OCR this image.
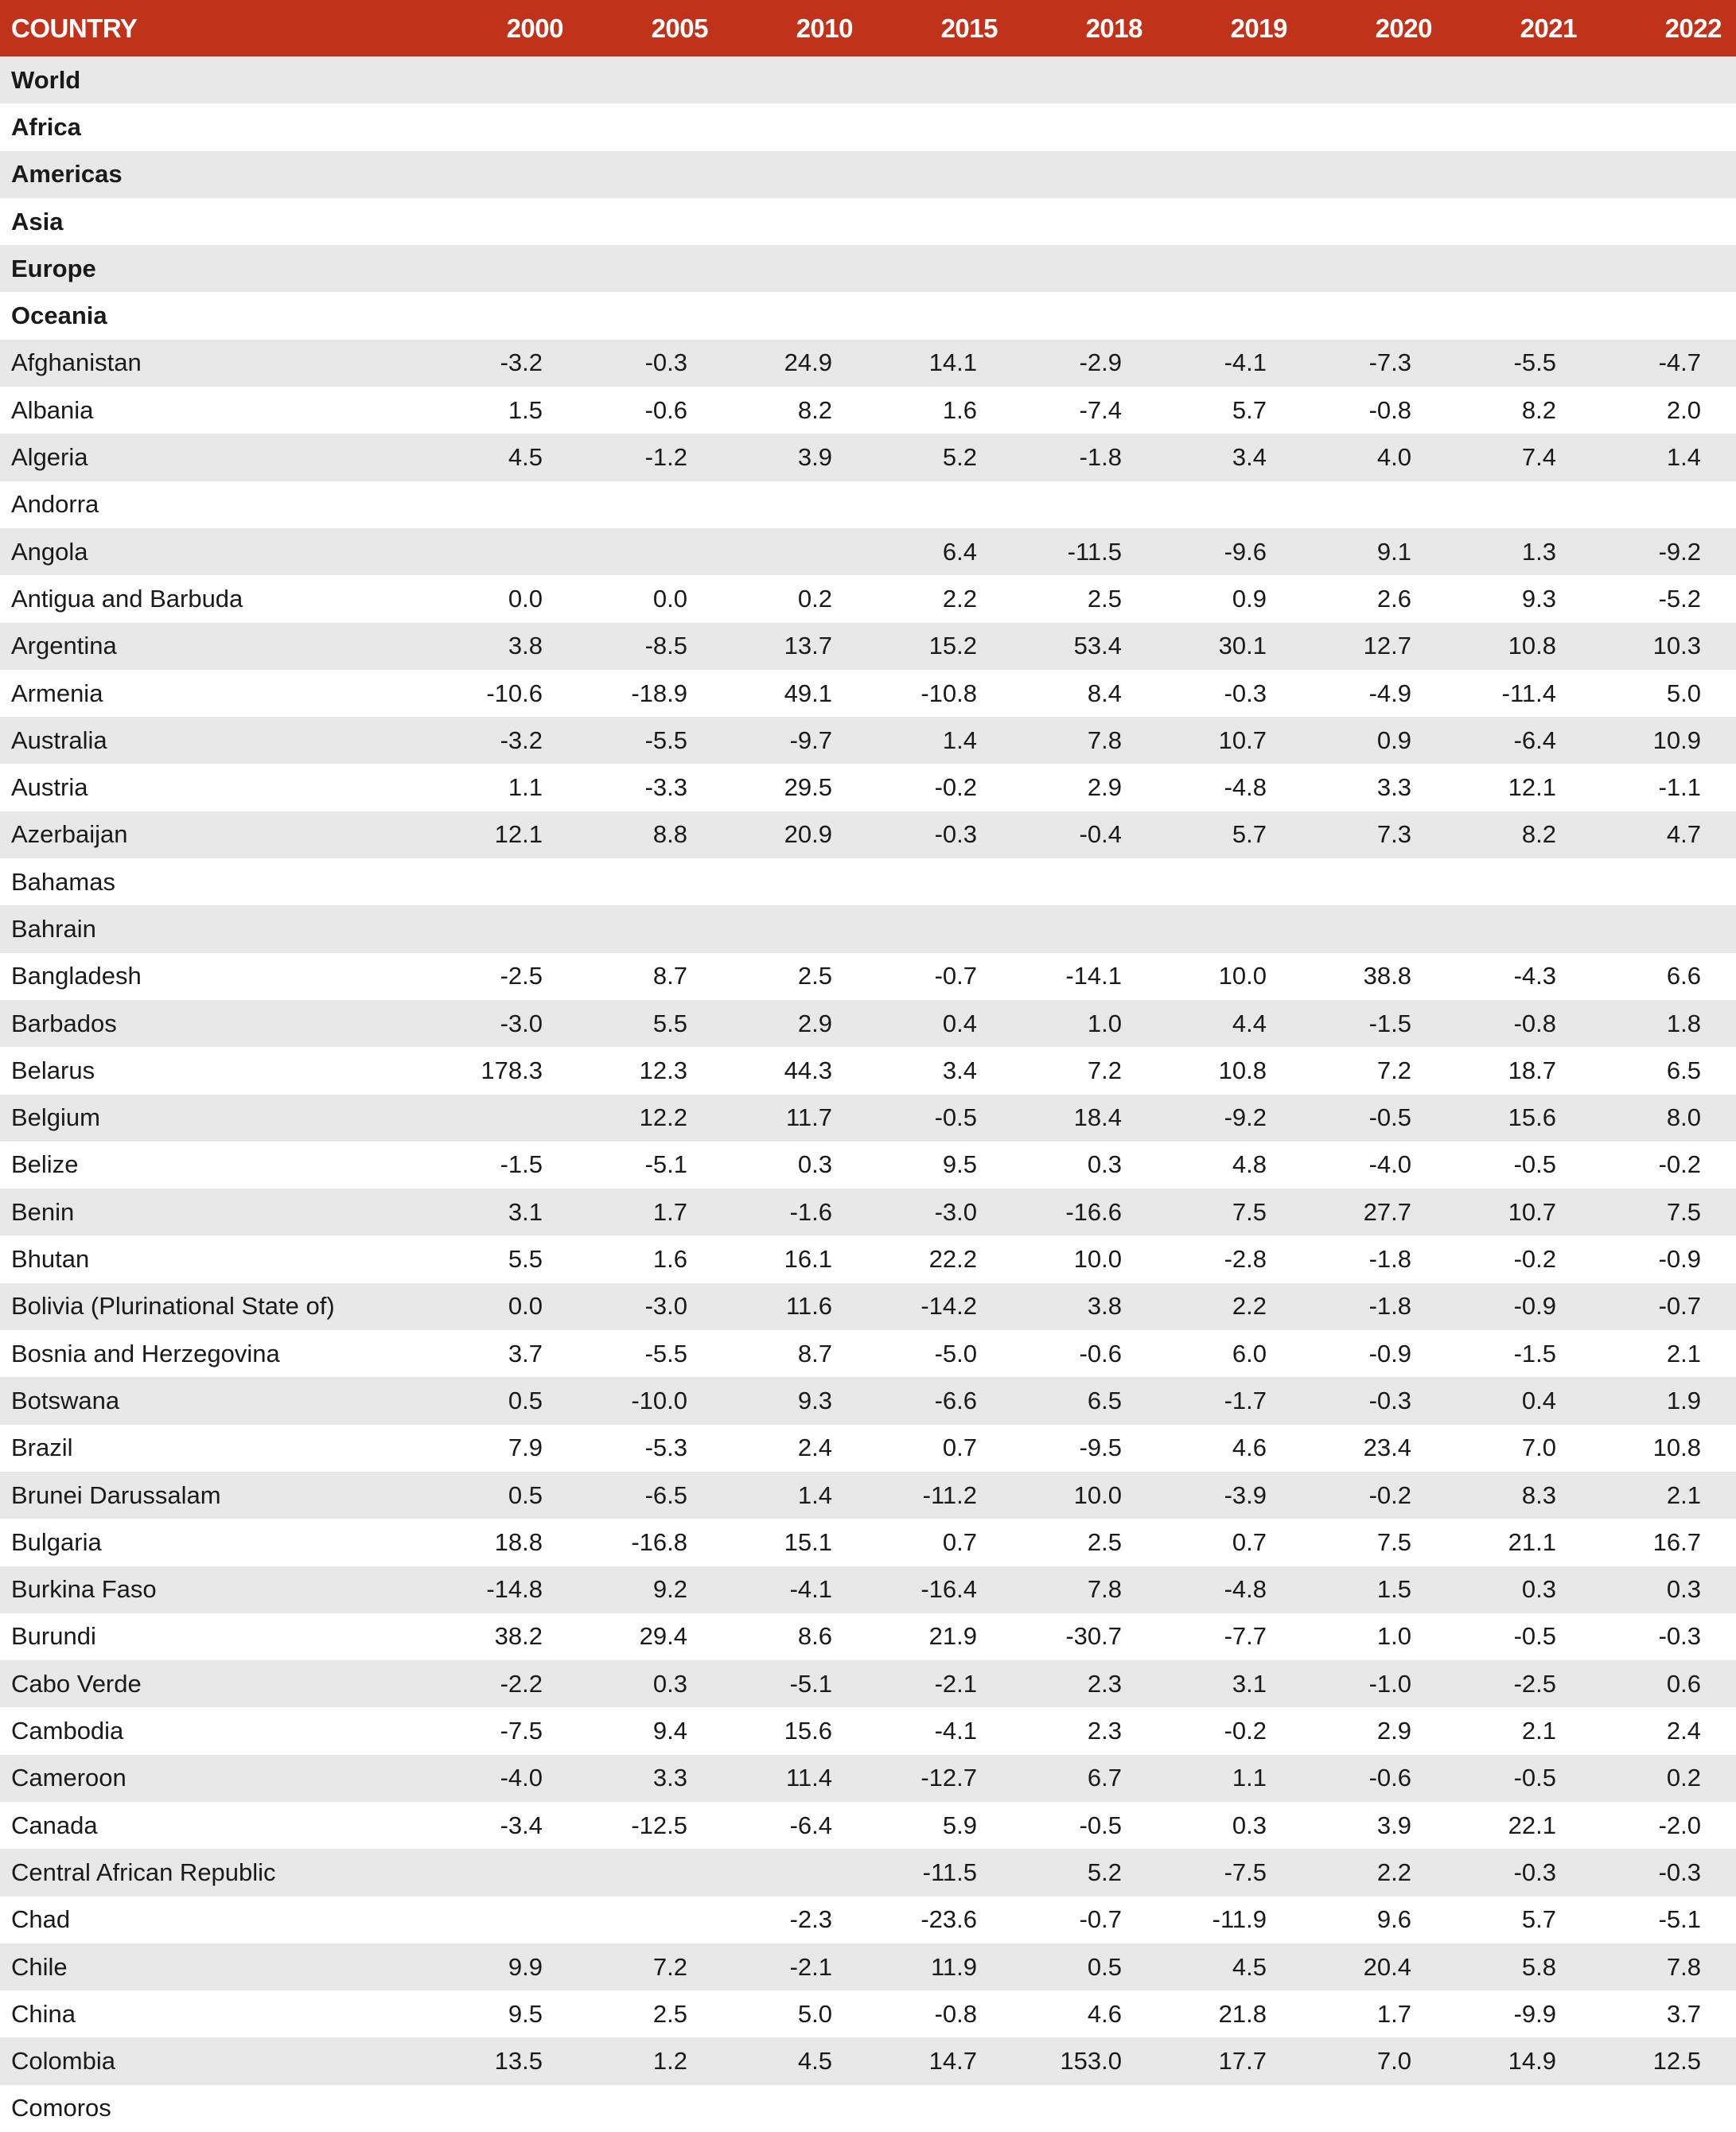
COUNTRY	2000	2005	2010	2015	2018	2019	2020	2021	2022
World									
Africa									
Americas									
Asia									
Europe									
Oceania									
Afghanistan	-3.2	-0.3	24.9	14.1	-2.9	-4.1	-7.3	-5.5	-4.7
Albania	1.5	-0.6	8.2	1.6	-7.4	5.7	-0.8	8.2	2.0
Algeria	4.5	-1.2	3.9	5.2	-1.8	3.4	4.0	7.4	1.4
Andorra									
Angola				6.4	-11.5	-9.6	9.1	1.3	-9.2
Antigua and Barbuda	0.0	0.0	0.2	2.2	2.5	0.9	2.6	9.3	-5.2
Argentina	3.8	-8.5	13.7	15.2	53.4	30.1	12.7	10.8	10.3
Armenia	-10.6	-18.9	49.1	-10.8	8.4	-0.3	-4.9	-11.4	5.0
Australia	-3.2	-5.5	-9.7	1.4	7.8	10.7	0.9	-6.4	10.9
Austria	1.1	-3.3	29.5	-0.2	2.9	-4.8	3.3	12.1	-1.1
Azerbaijan	12.1	8.8	20.9	-0.3	-0.4	5.7	7.3	8.2	4.7
Bahamas									
Bahrain									
Bangladesh	-2.5	8.7	2.5	-0.7	-14.1	10.0	38.8	-4.3	6.6
Barbados	-3.0	5.5	2.9	0.4	1.0	4.4	-1.5	-0.8	1.8
Belarus	178.3	12.3	44.3	3.4	7.2	10.8	7.2	18.7	6.5
Belgium		12.2	11.7	-0.5	18.4	-9.2	-0.5	15.6	8.0
Belize	-1.5	-5.1	0.3	9.5	0.3	4.8	-4.0	-0.5	-0.2
Benin	3.1	1.7	-1.6	-3.0	-16.6	7.5	27.7	10.7	7.5
Bhutan	5.5	1.6	16.1	22.2	10.0	-2.8	-1.8	-0.2	-0.9
Bolivia (Plurinational State of)	0.0	-3.0	11.6	-14.2	3.8	2.2	-1.8	-0.9	-0.7
Bosnia and Herzegovina	3.7	-5.5	8.7	-5.0	-0.6	6.0	-0.9	-1.5	2.1
Botswana	0.5	-10.0	9.3	-6.6	6.5	-1.7	-0.3	0.4	1.9
Brazil	7.9	-5.3	2.4	0.7	-9.5	4.6	23.4	7.0	10.8
Brunei Darussalam	0.5	-6.5	1.4	-11.2	10.0	-3.9	-0.2	8.3	2.1
Bulgaria	18.8	-16.8	15.1	0.7	2.5	0.7	7.5	21.1	16.7
Burkina Faso	-14.8	9.2	-4.1	-16.4	7.8	-4.8	1.5	0.3	0.3
Burundi	38.2	29.4	8.6	21.9	-30.7	-7.7	1.0	-0.5	-0.3
Cabo Verde	-2.2	0.3	-5.1	-2.1	2.3	3.1	-1.0	-2.5	0.6
Cambodia	-7.5	9.4	15.6	-4.1	2.3	-0.2	2.9	2.1	2.4
Cameroon	-4.0	3.3	11.4	-12.7	6.7	1.1	-0.6	-0.5	0.2
Canada	-3.4	-12.5	-6.4	5.9	-0.5	0.3	3.9	22.1	-2.0
Central African Republic				-11.5	5.2	-7.5	2.2	-0.3	-0.3
Chad			-2.3	-23.6	-0.7	-11.9	9.6	5.7	-5.1
Chile	9.9	7.2	-2.1	11.9	0.5	4.5	20.4	5.8	7.8
China	9.5	2.5	5.0	-0.8	4.6	21.8	1.7	-9.9	3.7
Colombia	13.5	1.2	4.5	14.7	153.0	17.7	7.0	14.9	12.5
Comoros									
